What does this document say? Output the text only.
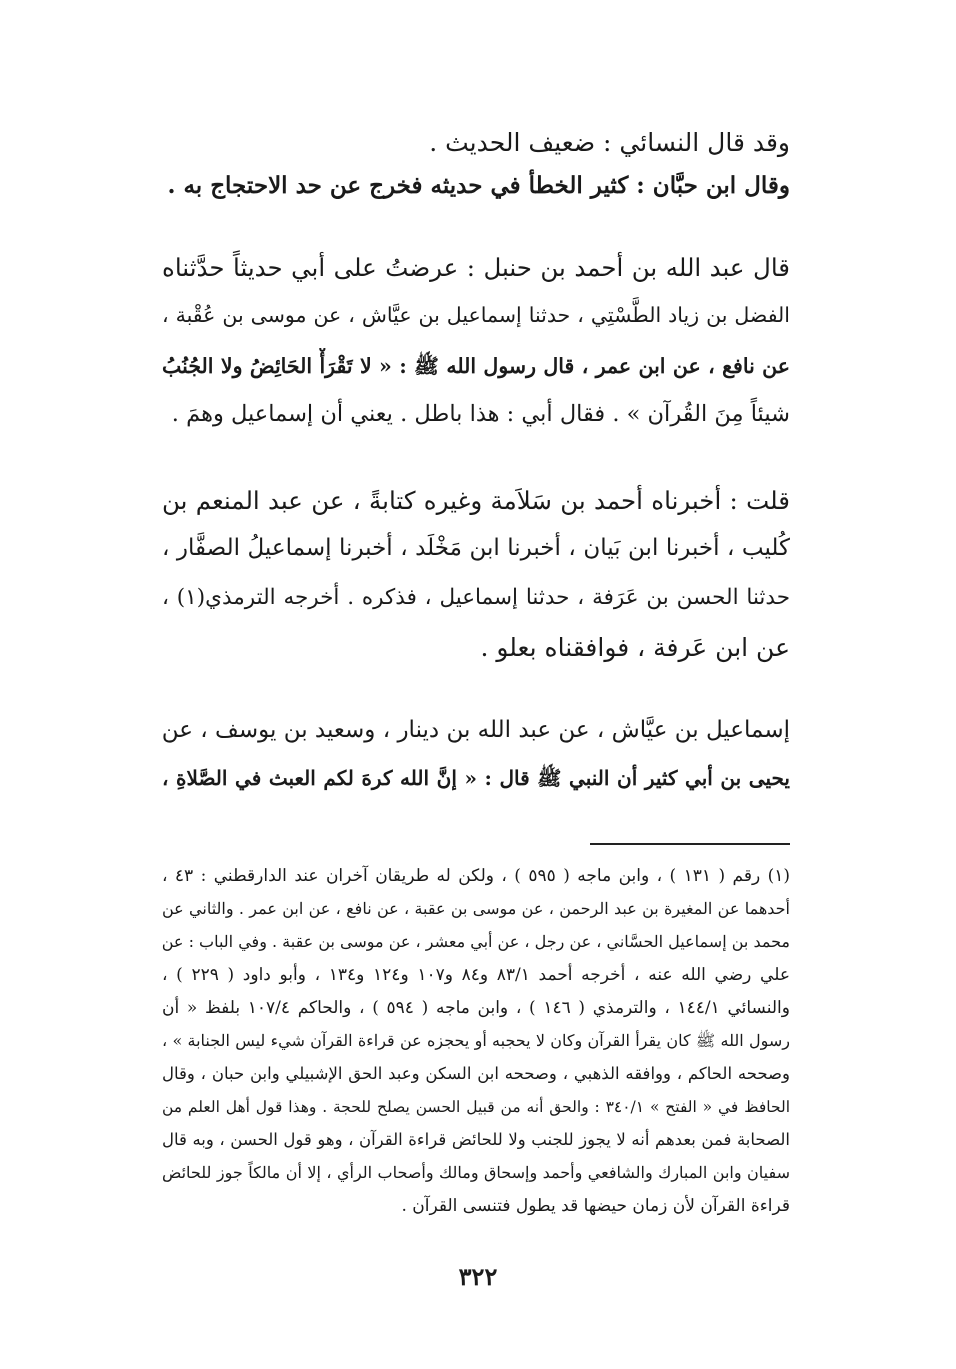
وقد قال النسائي : ضعيف الحديث .
وقال ابن حبَّان : كثير الخطأ في حديثه فخرج عن حد الاحتجاج به .
قال عبد الله بن أحمد بن حنبل : عرضتُ على أبي حديثاً حدَّثناه
الفضل بن زياد الطَّسْتِي ، حدثنا إسماعيل بن عيَّاش ، عن موسى بن عُقْبة ،
عن نافع ، عن ابن عمر ، قال رسول الله ﷺ : « لا تَقْرَأْ الحَائِضُ ولا الجُنُبُ
شيئاً مِنَ القُرآن » . فقال أبي : هذا باطل . يعني أن إسماعيل وهمَ .
قلت : أخبرناه أحمد بن سَلاَمة وغيره كتابةً ، عن عبد المنعم بن
كُليب ، أخبرنا ابن بَيان ، أخبرنا ابن مَخْلَد ، أخبرنا إسماعيلُ الصفَّار ،
حدثنا الحسن بن عَرَفة ، حدثنا إسماعيل ، فذكره . أخرجه الترمذي(١) ،
عن ابن عَرفة ، فوافقناه بعلو .
إسماعيل بن عيَّاش ، عن عبد الله بن دينار ، وسعيد بن يوسف ، عن
يحيى بن أبي كثير أن النبي ﷺ قال : « إنَّ الله كرهَ لكم العبث في الصَّلاةِ ،
(١) رقم ( ١٣١ ) ، وابن ماجه ( ٥٩٥ ) ، ولكن له طريقان آخران عند الدارقطني : ٤٣ ،
أحدهما عن المغيرة بن عبد الرحمن ، عن موسى بن عقبة ، عن نافع ، عن ابن عمر . والثاني عن
محمد بن إسماعيل الحسَّاني ، عن رجل ، عن أبي معشر ، عن موسى بن عقبة . وفي الباب : عن
علي رضي الله عنه ، أخرجه أحمد ٨٣/١ و٨٤ و١٠٧ و١٢٤ و١٣٤ ، وأبو داود ( ٢٢٩ ) ،
والنسائي ١٤٤/١ ، والترمذي ( ١٤٦ ) ، وابن ماجه ( ٥٩٤ ) ، والحاكم ١٠٧/٤ بلفظ « أن
رسول الله ﷺ كان يقرأ القرآن وكان لا يحجبه أو يحجزه عن قراءة القرآن شيء ليس الجنابة » ،
وصححه الحاكم ، ووافقه الذهبي ، وصححه ابن السكن وعبد الحق الإشبيلي وابن حبان ، وقال
الحافظ في « الفتح » ٣٤٠/١ : والحق أنه من قبيل الحسن يصلح للحجة . وهذا قول أهل العلم من
الصحابة فمن بعدهم أنه لا يجوز للجنب ولا للحائض قراءة القرآن ، وهو قول الحسن ، وبه قال
سفيان وابن المبارك والشافعي وأحمد وإسحاق ومالك وأصحاب الرأي ، إلا أن مالكاً جوز للحائض
قراءة القرآن لأن زمان حيضها قد يطول فتنسى القرآن .
٣٢٢
